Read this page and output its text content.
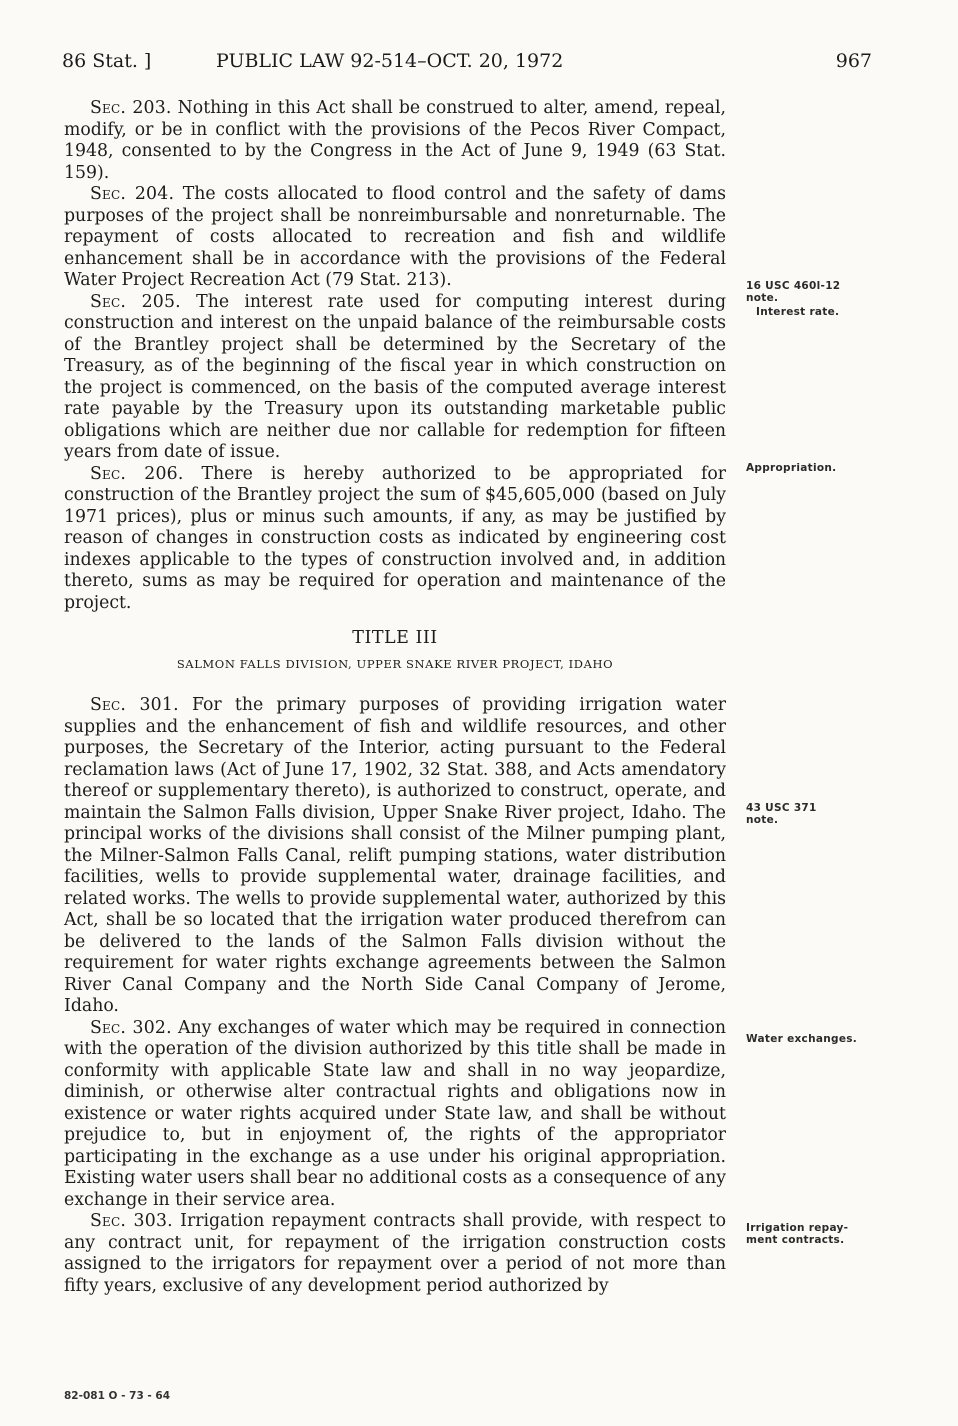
86 Stat. ]	PUBLIC LAW 92-514–OCT. 20, 1972	967

Sec. 203. Nothing in this Act shall be construed to alter, amend, repeal, modify, or be in conflict with the provisions of the Pecos River Compact, 1948, consented to by the Congress in the Act of June 9, 1949 (63 Stat. 159).

Sec. 204. The costs allocated to flood control and the safety of dams purposes of the project shall be nonreimbursable and nonreturnable. The repayment of costs allocated to recreation and fish and wildlife enhancement shall be in accordance with the provisions of the Federal Water Project Recreation Act (79 Stat. 213).

Sec. 205. The interest rate used for computing interest during construction and interest on the unpaid balance of the reimbursable costs of the Brantley project shall be determined by the Secretary of the Treasury, as of the beginning of the fiscal year in which construction on the project is commenced, on the basis of the computed average interest rate payable by the Treasury upon its outstanding marketable public obligations which are neither due nor callable for redemption for fifteen years from date of issue.

Sec. 206. There is hereby authorized to be appropriated for construction of the Brantley project the sum of $45,605,000 (based on July 1971 prices), plus or minus such amounts, if any, as may be justified by reason of changes in construction costs as indicated by engineering cost indexes applicable to the types of construction involved and, in addition thereto, sums as may be required for operation and maintenance of the project.

TITLE III
SALMON FALLS DIVISION, UPPER SNAKE RIVER PROJECT, IDAHO

Sec. 301. For the primary purposes of providing irrigation water supplies and the enhancement of fish and wildlife resources, and other purposes, the Secretary of the Interior, acting pursuant to the Federal reclamation laws (Act of June 17, 1902, 32 Stat. 388, and Acts amendatory thereof or supplementary thereto), is authorized to construct, operate, and maintain the Salmon Falls division, Upper Snake River project, Idaho. The principal works of the divisions shall consist of the Milner pumping plant, the Milner-Salmon Falls Canal, relift pumping stations, water distribution facilities, wells to provide supplemental water, drainage facilities, and related works. The wells to provide supplemental water, authorized by this Act, shall be so located that the irrigation water produced therefrom can be delivered to the lands of the Salmon Falls division without the requirement for water rights exchange agreements between the Salmon River Canal Company and the North Side Canal Company of Jerome, Idaho.

Sec. 302. Any exchanges of water which may be required in connection with the operation of the division authorized by this title shall be made in conformity with applicable State law and shall in no way jeopardize, diminish, or otherwise alter contractual rights and obligations now in existence or water rights acquired under State law, and shall be without prejudice to, but in enjoyment of, the rights of the appropriator participating in the exchange as a use under his original appropriation. Existing water users shall bear no additional costs as a consequence of any exchange in their service area.

Sec. 303. Irrigation repayment contracts shall provide, with respect to any contract unit, for repayment of the irrigation construction costs assigned to the irrigators for repayment over a period of not more than fifty years, exclusive of any development period authorized by

16 USC 460l-12
note.
Interest rate.
Appropriation.
43 USC 371
note.
Water exchanges.
Irrigation repay-
ment contracts.
82-081 O - 73 - 64
